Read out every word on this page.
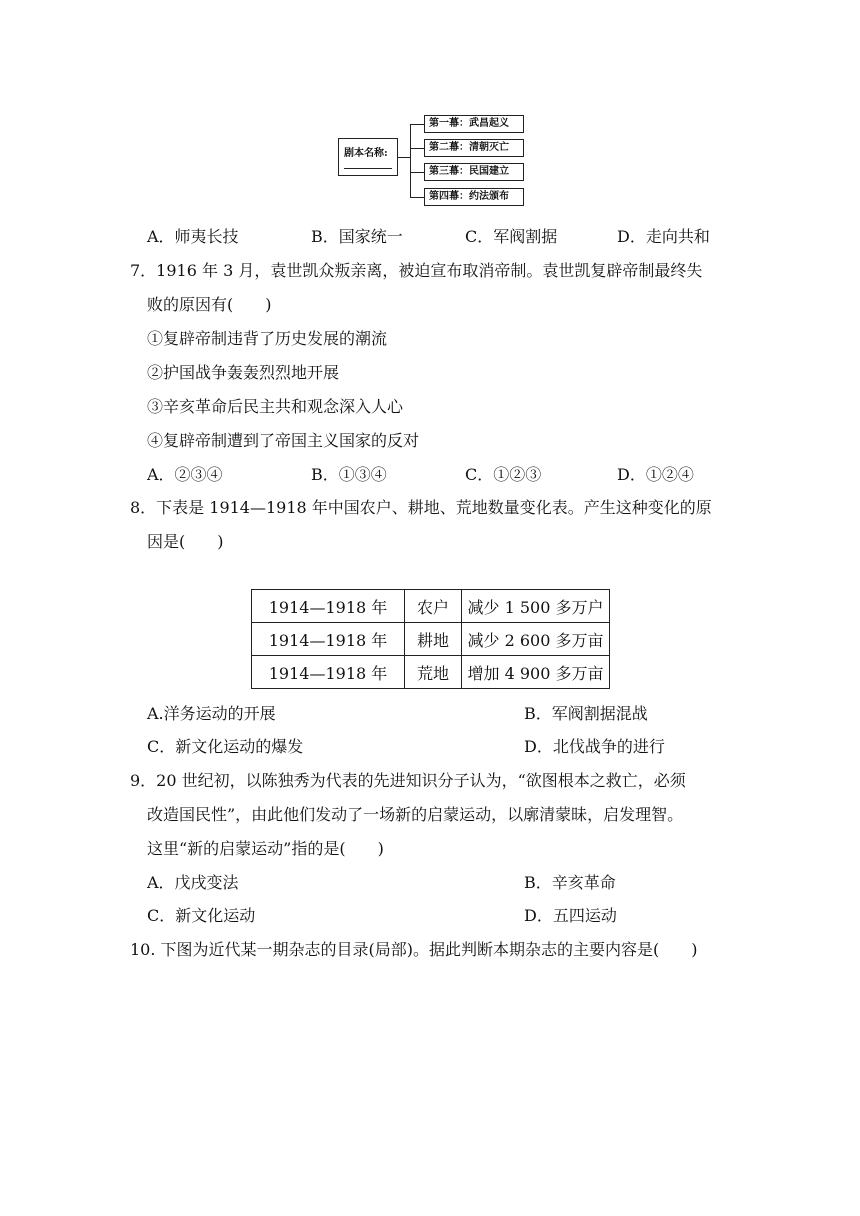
剧本名称:
第一幕：武昌起义
第二幕：清朝灭亡
第三幕：民国建立
第四幕：约法颁布
A．师夷长技	B．国家统一	C．军阀割据	D．走向共和
7．1916 年 3 月，袁世凯众叛亲离，被迫宣布取消帝制。袁世凯复辟帝制最终失
败的原因有(　　)
①复辟帝制违背了历史发展的潮流
②护国战争轰轰烈烈地开展
③辛亥革命后民主共和观念深入人心
④复辟帝制遭到了帝国主义国家的反对
A．②③④	B．①③④	C．①②③	D．①②④
8．下表是 1914—1918 年中国农户、耕地、荒地数量变化表。产生这种变化的原
因是(　　)
1914—1918 年	农户	减少 1 500 多万户
1914—1918 年	耕地	减少 2 600 多万亩
1914—1918 年	荒地	增加 4 900 多万亩
A.洋务运动的开展	B．军阀割据混战
C．新文化运动的爆发	D．北伐战争的进行
9．20 世纪初，以陈独秀为代表的先进知识分子认为，“欲图根本之救亡，必须
改造国民性”，由此他们发动了一场新的启蒙运动，以廓清蒙昧，启发理智。
这里“新的启蒙运动”指的是(　　)
A．戊戌变法	B．辛亥革命
C．新文化运动	D．五四运动
10. 下图为近代某一期杂志的目录(局部)。据此判断本期杂志的主要内容是(　　)
